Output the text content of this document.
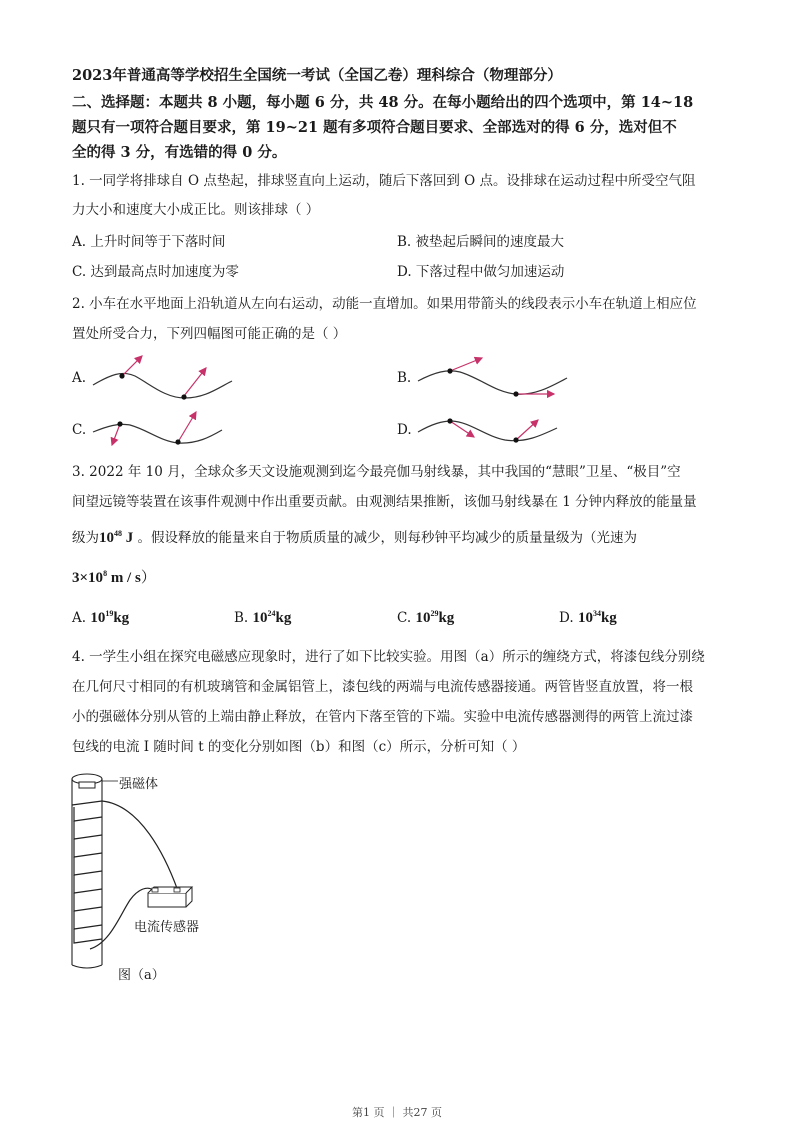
2023年普通高等学校招生全国统一考试（全国乙卷）理科综合（物理部分）
二、选择题：本题共 8 小题，每小题 6 分，共 48 分。在每小题给出的四个选项中，第 14~18
题只有一项符合题目要求，第 19~21 题有多项符合题目要求、全部选对的得 6 分，选对但不
全的得 3 分，有选错的得 0 分。
1. 一同学将排球自 O 点垫起，排球竖直向上运动，随后下落回到 O 点。设排球在运动过程中所受空气阻
力大小和速度大小成正比。则该排球（ ）
A. 上升时间等于下落时间	B. 被垫起后瞬间的速度最大
C. 达到最高点时加速度为零	D. 下落过程中做匀加速运动
2. 小车在水平地面上沿轨道从左向右运动，动能一直增加。如果用带箭头的线段表示小车在轨道上相应位
置处所受合力，下列四幅图可能正确的是（ ）
A.	B.
C.	D.
3. 2022 年 10 月，全球众多天文设施观测到迄今最亮伽马射线暴，其中我国的“慧眼”卫星、“极目”空
间望远镜等装置在该事件观测中作出重要贡献。由观测结果推断，该伽马射线暴在 1 分钟内释放的能量量
级为$10^{48}$ J 。假设释放的能量来自于物质质量的减少，则每秒钟平均减少的质量量级为（光速为
$3\times 10^8$ m / s）
A. $10^{19}kg$	B. $10^{24}kg$	C. $10^{29}kg$	D. $10^{34}kg$
4. 一学生小组在探究电磁感应现象时，进行了如下比较实验。用图（a）所示的缠绕方式，将漆包线分别绕
在几何尺寸相同的有机玻璃管和金属铝管上，漆包线的两端与电流传感器接通。两管皆竖直放置，将一根
小的强磁体分别从管的上端由静止释放，在管内下落至管的下端。实验中电流传感器测得的两管上流过漆
包线的电流 I 随时间 t 的变化分别如图（b）和图（c）所示，分析可知（ ）
强磁体
电流传感器
图（a）
第1 页 ｜ 共27 页
